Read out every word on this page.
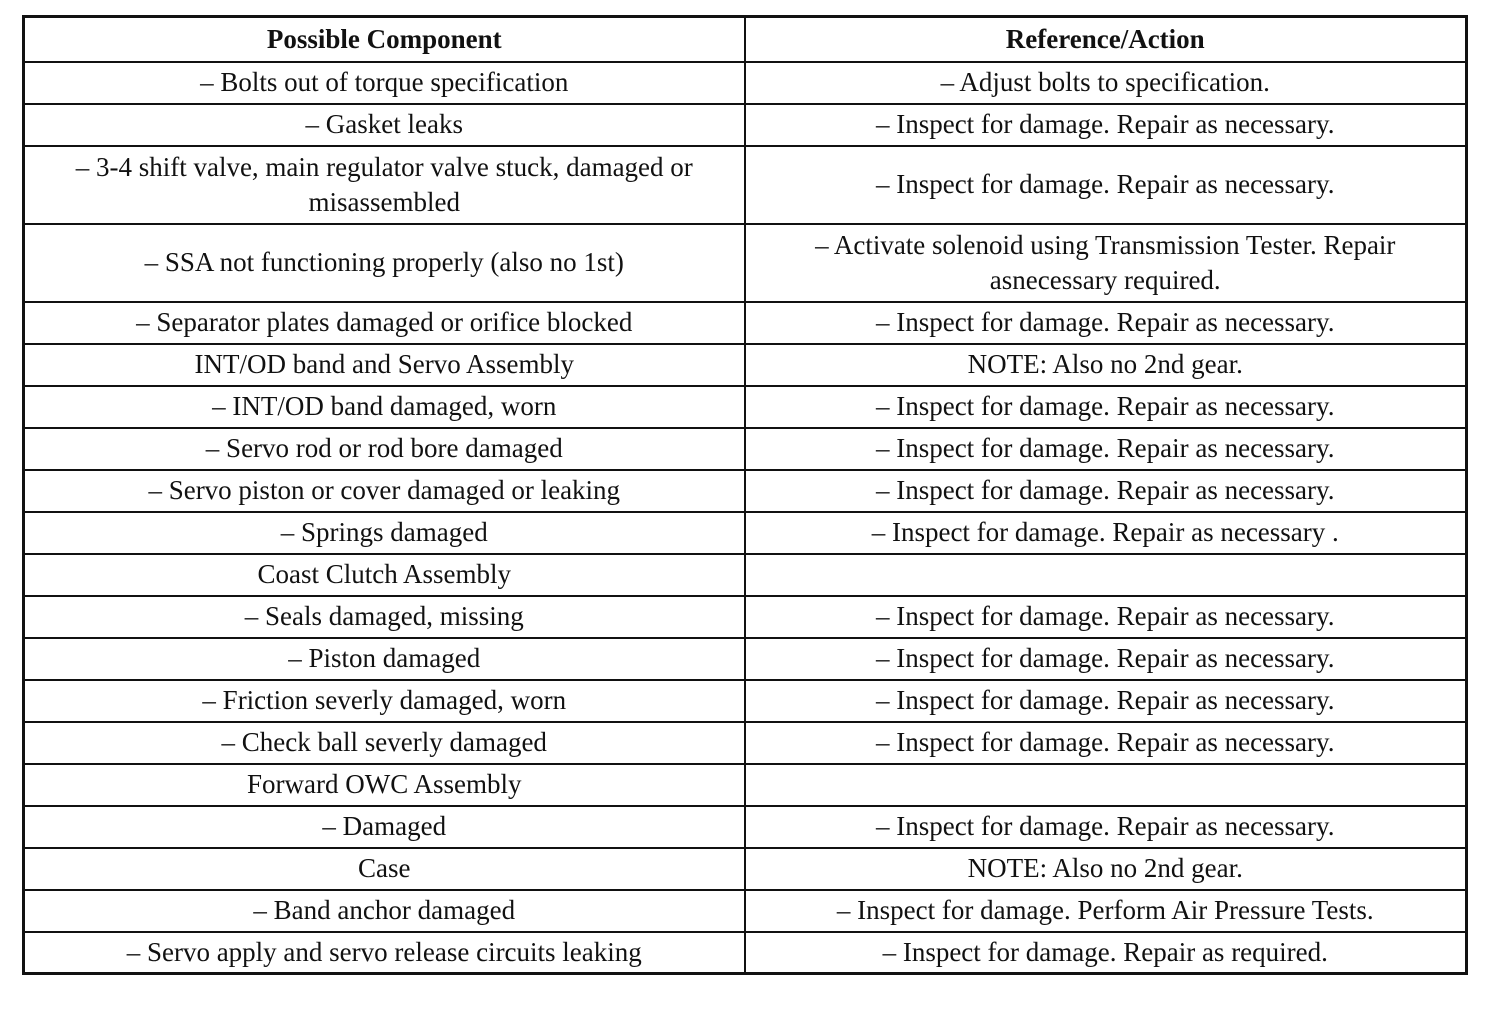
Possible Component	Reference/Action
– Bolts out of torque specification	– Adjust bolts to specification.
– Gasket leaks	– Inspect for damage. Repair as necessary.
– 3-4 shift valve, main regulator valve stuck, damaged or misassembled	– Inspect for damage. Repair as necessary.
– SSA not functioning properly (also no 1st)	– Activate solenoid using Transmission Tester. Repair asnecessary required.
– Separator plates damaged or orifice blocked	– Inspect for damage. Repair as necessary.
INT/OD band and Servo Assembly	NOTE: Also no 2nd gear.
– INT/OD band damaged, worn	– Inspect for damage. Repair as necessary.
– Servo rod or rod bore damaged	– Inspect for damage. Repair as necessary.
– Servo piston or cover damaged or leaking	– Inspect for damage. Repair as necessary.
– Springs damaged	– Inspect for damage. Repair as necessary .
Coast Clutch Assembly	
– Seals damaged, missing	– Inspect for damage. Repair as necessary.
– Piston damaged	– Inspect for damage. Repair as necessary.
– Friction severly damaged, worn	– Inspect for damage. Repair as necessary.
– Check ball severly damaged	– Inspect for damage. Repair as necessary.
Forward OWC Assembly	
– Damaged	– Inspect for damage. Repair as necessary.
Case	NOTE: Also no 2nd gear.
– Band anchor damaged	– Inspect for damage. Perform Air Pressure Tests.
– Servo apply and servo release circuits leaking	– Inspect for damage. Repair as required.
